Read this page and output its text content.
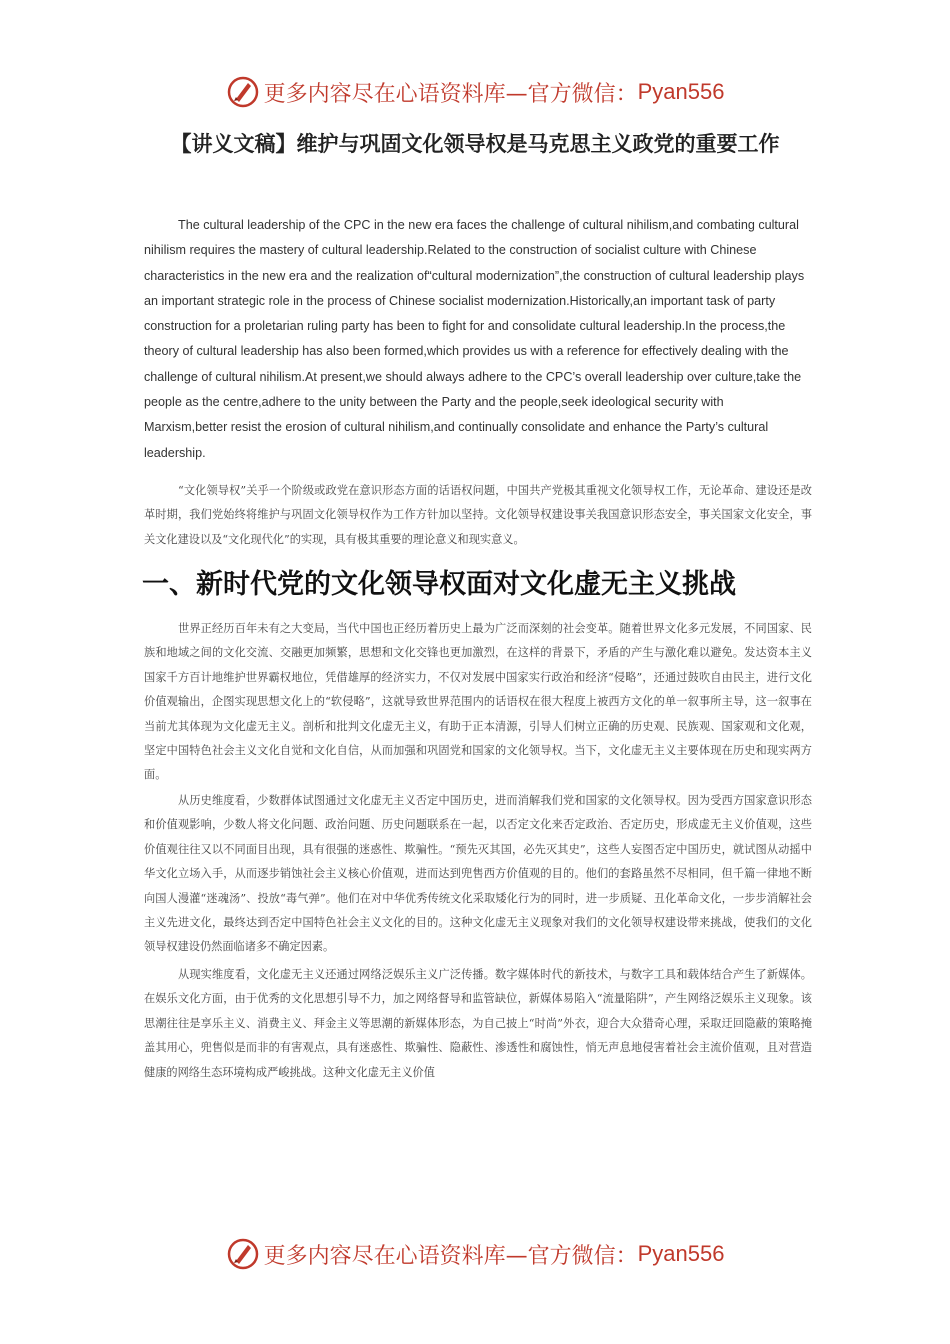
更多内容尽在心语资料库—官方微信： Pyan556
【讲义文稿】维护与巩固文化领导权是马克思主义政党的重要工作

The cultural leadership of the CPC in the new era faces the challenge of cultural nihilism,and combating cultural nihilism requires the mastery of cultural leadership.Related to the construction of socialist culture with Chinese characteristics in the new era and the realization of“cultural modernization”,the construction of cultural leadership plays an important strategic role in the process of Chinese socialist modernization.Historically,an important task of party construction for a proletarian ruling party has been to fight for and consolidate cultural leadership.In the process,the theory of cultural leadership has also been formed,which provides us with a reference for effectively dealing with the challenge of cultural nihilism.At present,we should always adhere to the CPC’s overall leadership over culture,take the people as the centre,adhere to the unity between the Party and the people,seek ideological security with Marxism,better resist the erosion of cultural nihilism,and continually consolidate and enhance the Party’s cultural leadership.

“文化领导权”关乎一个阶级或政党在意识形态方面的话语权问题，中国共产党极其重视文化领导权工作，无论革命、建设还是改革时期，我们党始终将维护与巩固文化领导权作为工作方针加以坚持。文化领导权建设事关我国意识形态安全，事关国家文化安全，事关文化建设以及“文化现代化”的实现，具有极其重要的理论意义和现实意义。

一、新时代党的文化领导权面对文化虚无主义挑战

世界正经历百年未有之大变局，当代中国也正经历着历史上最为广泛而深刻的社会变革。随着世界文化多元发展，不同国家、民族和地域之间的文化交流、交融更加频繁，思想和文化交锋也更加激烈，在这样的背景下，矛盾的产生与激化难以避免。发达资本主义国家千方百计地维护世界霸权地位，凭借雄厚的经济实力，不仅对发展中国家实行政治和经济“侵略”，还通过鼓吹自由民主，进行文化价值观输出，企图实现思想文化上的“软侵略”，这就导致世界范围内的话语权在很大程度上被西方文化的单一叙事所主导，这一叙事在当前尤其体现为文化虚无主义。剖析和批判文化虚无主义，有助于正本清源，引导人们树立正确的历史观、民族观、国家观和文化观，坚定中国特色社会主义文化自觉和文化自信，从而加强和巩固党和国家的文化领导权。当下，文化虚无主义主要体现在历史和现实两方面。

从历史维度看，少数群体试图通过文化虚无主义否定中国历史，进而消解我们党和国家的文化领导权。因为受西方国家意识形态和价值观影响，少数人将文化问题、政治问题、历史问题联系在一起，以否定文化来否定政治、否定历史，形成虚无主义价值观，这些价值观往往又以不同面目出现，具有很强的迷惑性、欺骗性。“预先灭其国，必先灭其史”，这些人妄图否定中国历史，就试图从动摇中华文化立场入手，从而逐步销蚀社会主义核心价值观，进而达到兜售西方价值观的目的。他们的套路虽然不尽相同，但千篇一律地不断向国人漫灌“迷魂汤”、投放“毒气弹”。他们在对中华优秀传统文化采取矮化行为的同时，进一步质疑、丑化革命文化，一步步消解社会主义先进文化，最终达到否定中国特色社会主义文化的目的。这种文化虚无主义现象对我们的文化领导权建设带来挑战，使我们的文化领导权建设仍然面临诸多不确定因素。

从现实维度看，文化虚无主义还通过网络泛娱乐主义广泛传播。数字媒体时代的新技术，与数字工具和载体结合产生了新媒体。在娱乐文化方面，由于优秀的文化思想引导不力，加之网络督导和监管缺位，新媒体易陷入“流量陷阱”，产生网络泛娱乐主义现象。该思潮往往是享乐主义、消费主义、拜金主义等思潮的新媒体形态，为自己披上“时尚”外衣，迎合大众猎奇心理，采取迂回隐蔽的策略掩盖其用心，兜售似是而非的有害观点，具有迷惑性、欺骗性、隐蔽性、渗透性和腐蚀性，悄无声息地侵害着社会主流价值观，且对营造健康的网络生态环境构成严峻挑战。这种文化虚无主义价值

更多内容尽在心语资料库—官方微信： Pyan556
